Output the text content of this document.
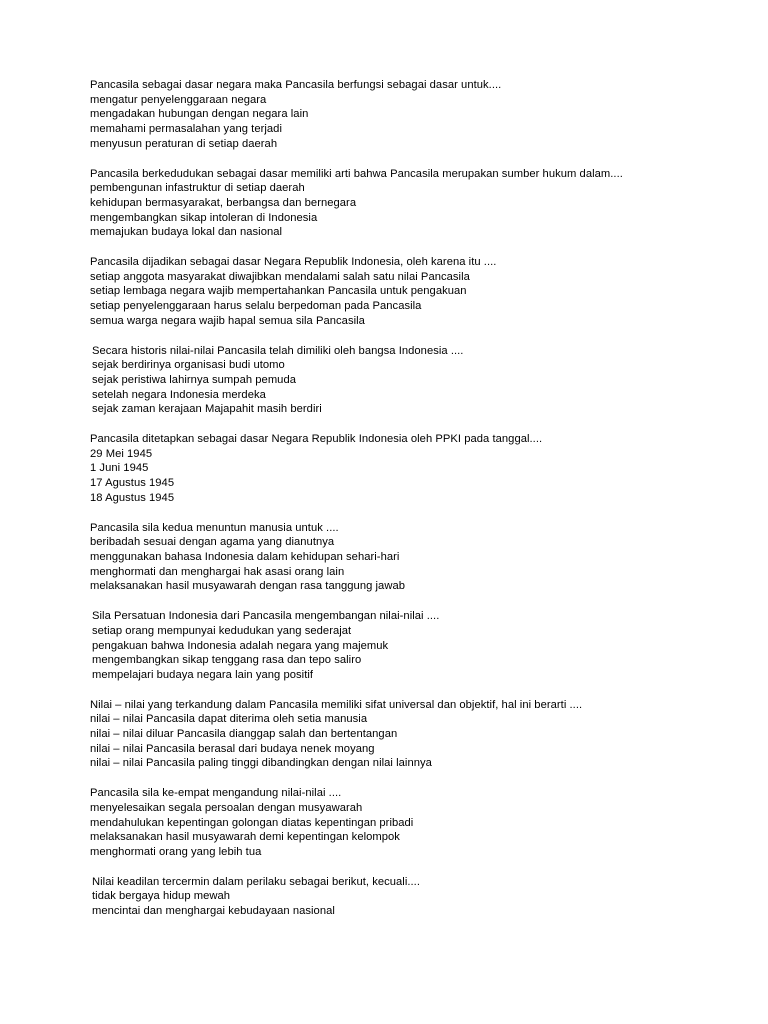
Pancasila sebagai dasar negara maka Pancasila berfungsi sebagai dasar untuk....
mengatur penyelenggaraan negara
mengadakan hubungan dengan negara lain
memahami permasalahan yang terjadi
menyusun peraturan di setiap daerah
Pancasila berkedudukan sebagai dasar memiliki arti bahwa Pancasila merupakan sumber hukum dalam....
pembengunan infastruktur di setiap daerah
kehidupan bermasyarakat, berbangsa dan bernegara
mengembangkan sikap intoleran di Indonesia
memajukan budaya lokal dan nasional
Pancasila dijadikan sebagai dasar Negara Republik Indonesia, oleh karena itu ....
setiap anggota masyarakat diwajibkan mendalami salah satu nilai Pancasila
setiap lembaga negara wajib mempertahankan Pancasila untuk pengakuan
setiap penyelenggaraan harus selalu berpedoman pada Pancasila
semua warga negara wajib hapal semua sila Pancasila
Secara historis nilai-nilai Pancasila telah dimiliki oleh bangsa Indonesia ....
sejak berdirinya organisasi budi utomo
sejak peristiwa lahirnya sumpah pemuda
setelah negara Indonesia merdeka
sejak zaman kerajaan Majapahit masih berdiri
Pancasila ditetapkan sebagai dasar Negara Republik Indonesia oleh PPKI pada tanggal....
29 Mei 1945
1 Juni 1945
17 Agustus 1945
18 Agustus 1945
Pancasila sila kedua menuntun manusia untuk ....
beribadah sesuai dengan agama yang dianutnya
menggunakan bahasa Indonesia dalam kehidupan sehari-hari
menghormati dan menghargai hak asasi orang lain
melaksanakan hasil musyawarah dengan rasa tanggung jawab
Sila Persatuan Indonesia dari Pancasila mengembangan nilai-nilai ....
setiap orang mempunyai kedudukan yang sederajat
pengakuan bahwa Indonesia adalah negara yang majemuk
mengembangkan sikap tenggang rasa dan tepo saliro
mempelajari budaya negara lain yang positif
Nilai – nilai yang terkandung dalam Pancasila memiliki sifat universal dan objektif, hal ini berarti ....
nilai – nilai Pancasila dapat diterima oleh setia manusia
nilai – nilai diluar Pancasila dianggap salah dan bertentangan
nilai – nilai Pancasila berasal dari budaya nenek moyang
nilai – nilai Pancasila paling tinggi dibandingkan dengan nilai lainnya
Pancasila sila ke-empat mengandung nilai-nilai ....
menyelesaikan segala persoalan dengan musyawarah
mendahulukan kepentingan golongan diatas kepentingan pribadi
melaksanakan hasil musyawarah demi kepentingan kelompok
menghormati orang yang lebih tua
Nilai keadilan tercermin dalam perilaku sebagai berikut, kecuali....
tidak bergaya hidup mewah
mencintai dan menghargai kebudayaan nasional
